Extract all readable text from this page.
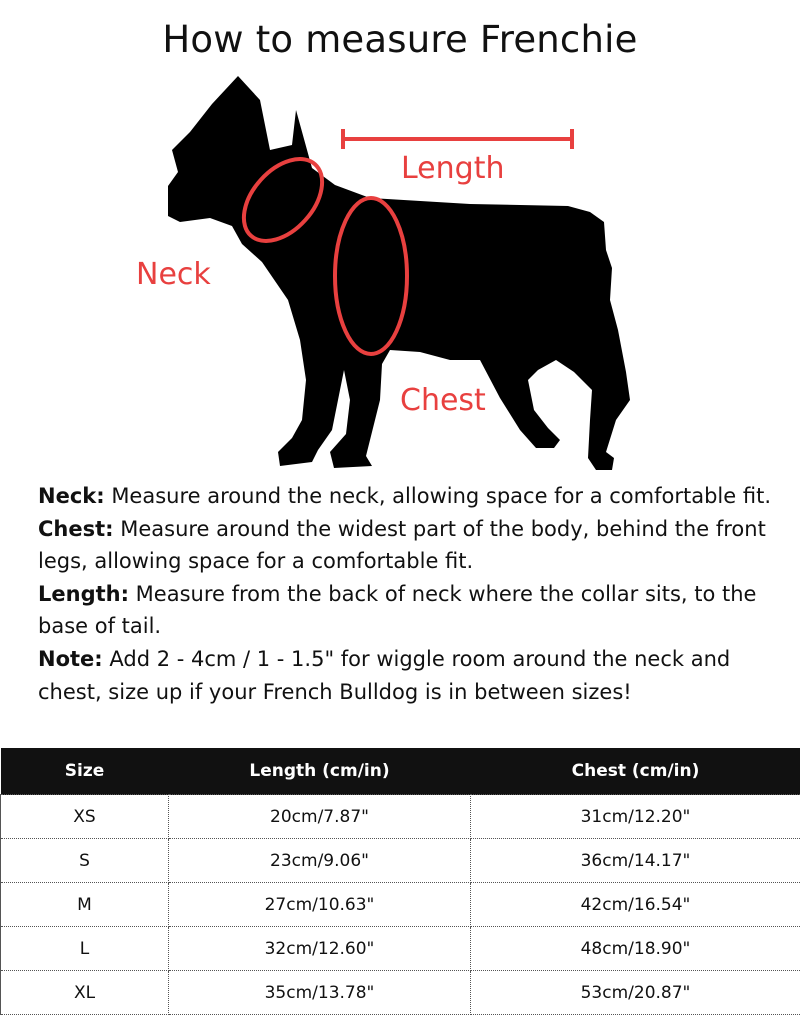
How to measure Frenchie
Length
Neck
Chest

Neck: Measure around the neck, allowing space for a comfortable fit.

Chest: Measure around the widest part of the body, behind the front legs, allowing space for a comfortable fit.

Length: Measure from the back of neck where the collar sits, to the base of tail.

Note: Add 2 - 4cm / 1 - 1.5" for wiggle room around the neck and chest, size up if your French Bulldog is in between sizes!

Size	Length (cm/in)	Chest (cm/in)
XS	20cm/7.87"	31cm/12.20"
S	23cm/9.06"	36cm/14.17"
M	27cm/10.63"	42cm/16.54"
L	32cm/12.60"	48cm/18.90"
XL	35cm/13.78"	53cm/20.87"
